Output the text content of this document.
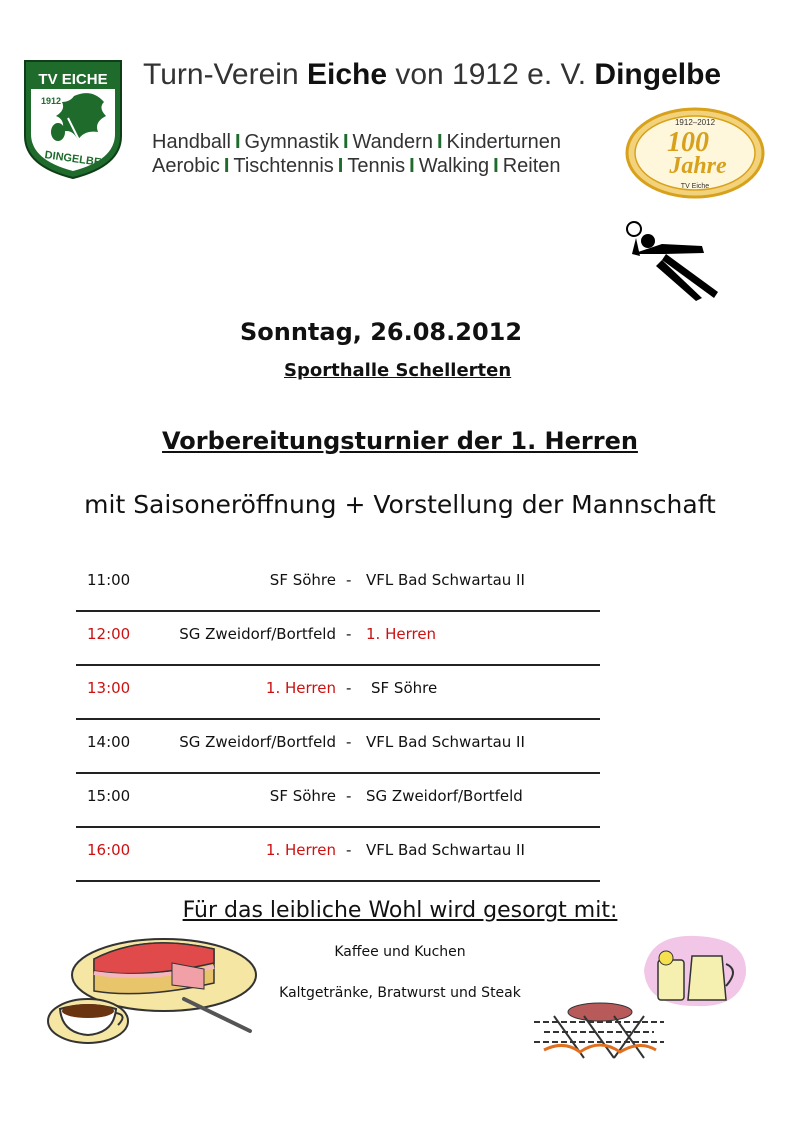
TV EICHE
1912
DINGELBE
Turn-Verein Eiche von 1912 e. V. Dingelbe
Handball I Gymnastik I Wandern I Kinderturnen
Aerobic I Tischtennis I Tennis I Walking I Reiten
1912–2012
100
Jahre
TV Eiche
Sonntag, 26.08.2012
Sporthalle Schellerten
Vorbereitungsturnier der 1. Herren
mit Saisoneröffnung + Vorstellung der Mannschaft
11:00	SF Söhre - VFL Bad Schwartau II
12:00	SG Zweidorf/Bortfeld - 1. Herren
13:00	1. Herren - SF Söhre
14:00	SG Zweidorf/Bortfeld - VFL Bad Schwartau II
15:00	SF Söhre - SG Zweidorf/Bortfeld
16:00	1. Herren - VFL Bad Schwartau II
Für das leibliche Wohl wird gesorgt mit:
Kaffee und Kuchen
Kaltgetränke, Bratwurst und Steak
